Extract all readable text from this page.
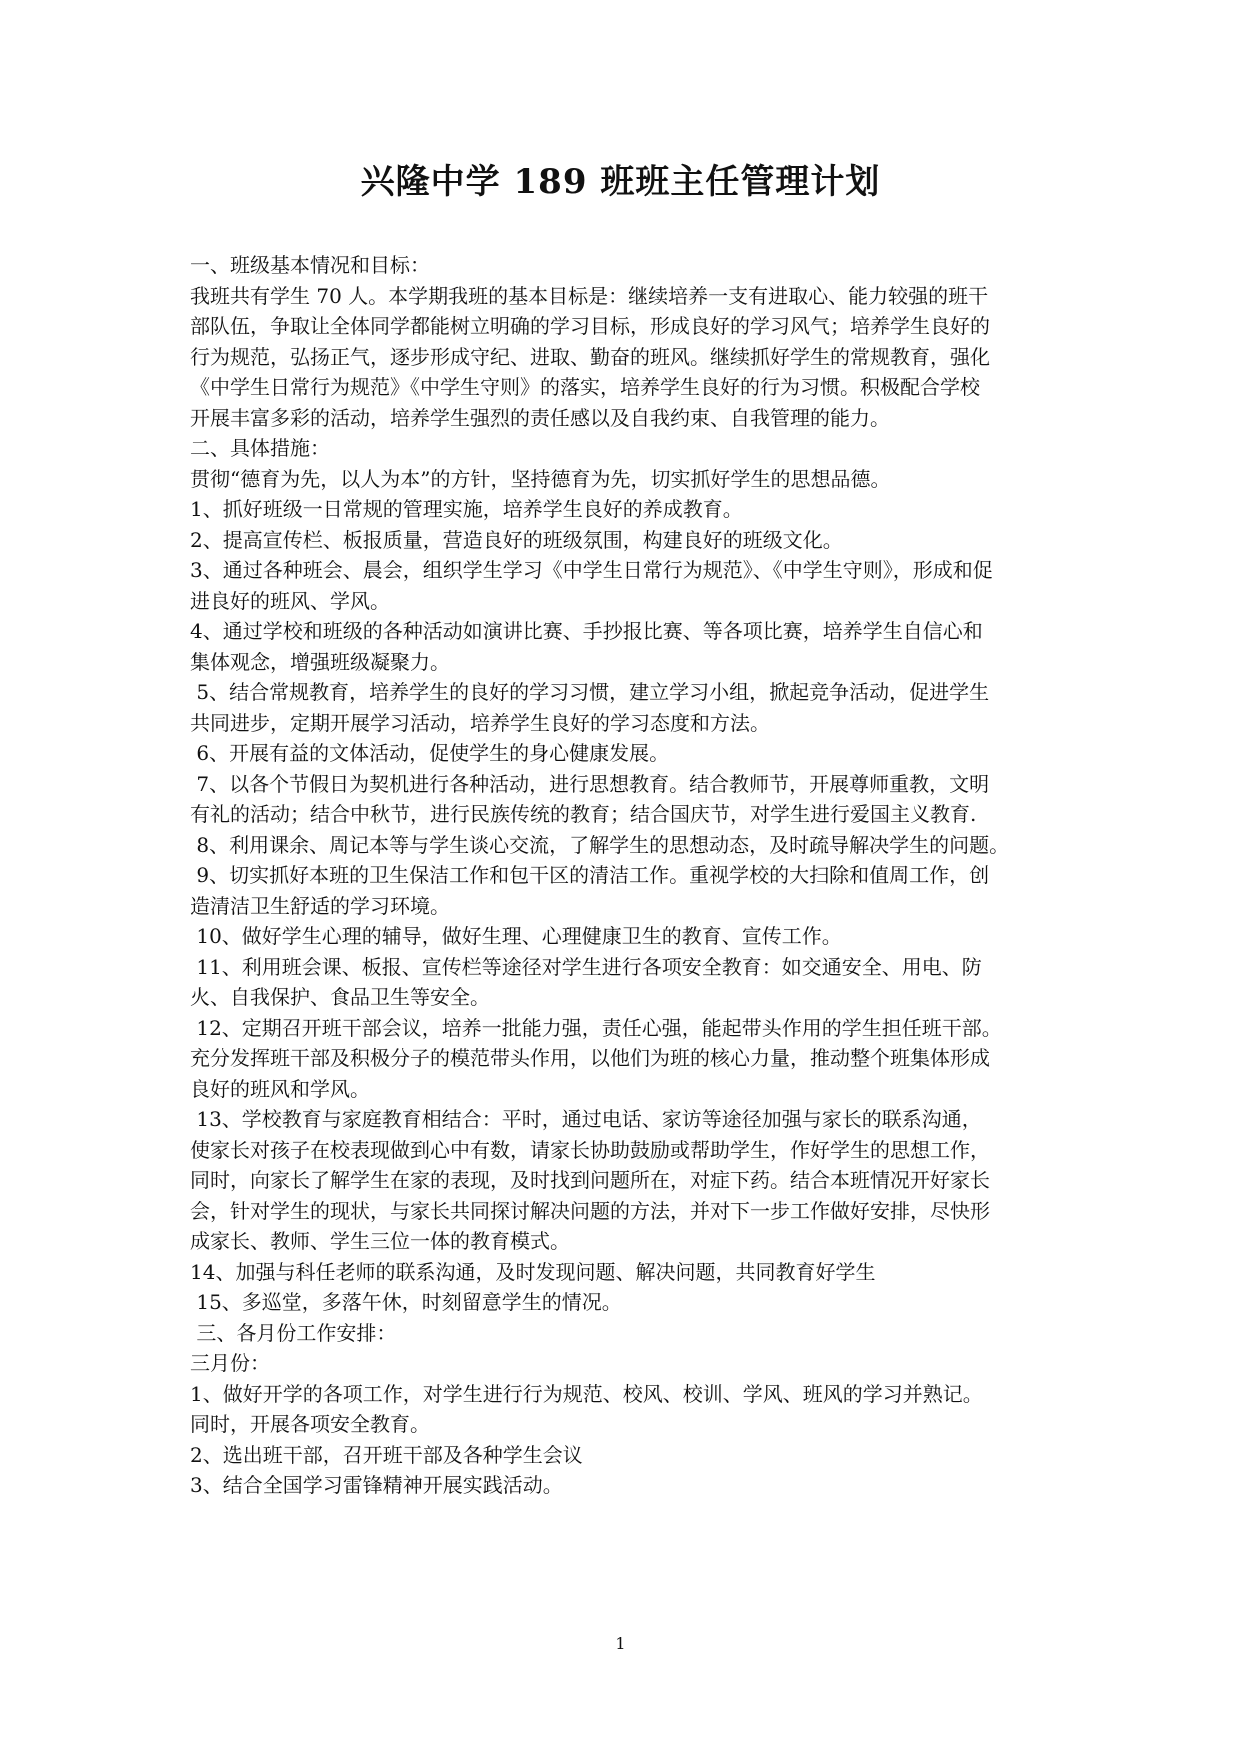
兴隆中学 189 班班主任管理计划
一、班级基本情况和目标：
我班共有学生 70 人。本学期我班的基本目标是：继续培养一支有进取心、能力较强的班干
部队伍，争取让全体同学都能树立明确的学习目标，形成良好的学习风气；培养学生良好的
行为规范，弘扬正气，逐步形成守纪、进取、勤奋的班风。继续抓好学生的常规教育，强化
《中学生日常行为规范》《中学生守则》的落实，培养学生良好的行为习惯。积极配合学校
开展丰富多彩的活动，培养学生强烈的责任感以及自我约束、自我管理的能力。
二、具体措施：
贯彻“德育为先，以人为本”的方针，坚持德育为先，切实抓好学生的思想品德。
1、抓好班级一日常规的管理实施，培养学生良好的养成教育。
2、提高宣传栏、板报质量，营造良好的班级氛围，构建良好的班级文化。
3、通过各种班会、晨会，组织学生学习《中学生日常行为规范》、《中学生守则》，形成和促
进良好的班风、学风。
4、通过学校和班级的各种活动如演讲比赛、手抄报比赛、等各项比赛，培养学生自信心和
集体观念，增强班级凝聚力。
5、结合常规教育，培养学生的良好的学习习惯，建立学习小组，掀起竞争活动，促进学生
共同进步，定期开展学习活动，培养学生良好的学习态度和方法。
6、开展有益的文体活动，促使学生的身心健康发展。
7、以各个节假日为契机进行各种活动，进行思想教育。结合教师节，开展尊师重教，文明
有礼的活动；结合中秋节，进行民族传统的教育；结合国庆节，对学生进行爱国主义教育.
8、利用课余、周记本等与学生谈心交流，了解学生的思想动态，及时疏导解决学生的问题。
9、切实抓好本班的卫生保洁工作和包干区的清洁工作。重视学校的大扫除和值周工作，创
造清洁卫生舒适的学习环境。
10、做好学生心理的辅导，做好生理、心理健康卫生的教育、宣传工作。
11、利用班会课、板报、宣传栏等途径对学生进行各项安全教育：如交通安全、用电、防
火、自我保护、食品卫生等安全。
12、定期召开班干部会议，培养一批能力强，责任心强，能起带头作用的学生担任班干部。
充分发挥班干部及积极分子的模范带头作用，以他们为班的核心力量，推动整个班集体形成
良好的班风和学风。
13、学校教育与家庭教育相结合：平时，通过电话、家访等途径加强与家长的联系沟通，
使家长对孩子在校表现做到心中有数，请家长协助鼓励或帮助学生，作好学生的思想工作，
同时，向家长了解学生在家的表现，及时找到问题所在，对症下药。结合本班情况开好家长
会，针对学生的现状，与家长共同探讨解决问题的方法，并对下一步工作做好安排，尽快形
成家长、教师、学生三位一体的教育模式。
14、加强与科任老师的联系沟通，及时发现问题、解决问题，共同教育好学生
15、多巡堂，多落午休，时刻留意学生的情况。
三、各月份工作安排：
三月份：
1、做好开学的各项工作，对学生进行行为规范、校风、校训、学风、班风的学习并熟记。
同时，开展各项安全教育。
2、选出班干部，召开班干部及各种学生会议
3、结合全国学习雷锋精神开展实践活动。
1
